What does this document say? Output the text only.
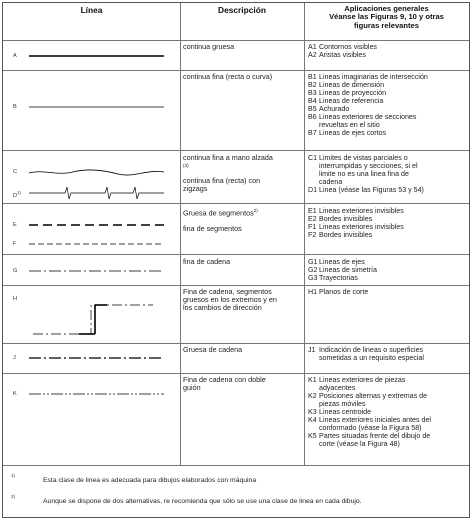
Línea	Descripción	Aplicaciones generales
Véanse las Figuras 9, 10 y otras
figuras relevantes
A
B
C
$D^{1)}$
E
F
G
H
J
K
continua gruesa
continua fina (recta o curva)
continua fina a mano alzada
(3)
continua fina (recta) con
zigzags
Gruesa de segmentos$^{2)}$
fina de segmentos
fina de cadena
Fina de cadena, segmentos
gruesos en los extremos y en
los cambios de dirección
Gruesa de cadena
Fina de cadena con doble
guión
A1 Contornos visibles
A2 Aristas visibles
B1 Lineas imaginarias de intersección
B2 Lineas de dimensión
B3 Lineas de proyección
B4 Lineas de referencia
B5 Achurado
B6 Lineas exteriores de secciones
revueltas en el sitio
B7 Lineas de ejes cortos
C1 Limites de vistas parciales o
interrumpidas y secciones, si el
limite no es una linea fina de
cadena
D1 Linea (véase las Figuras 53 y 54)
E1 Lineas exteriores invisibles
E2 Bordes invisibles
F1 Lineas exteriores invisibles
F2 Bordes invisibles
G1 Lineas de ejes
G2 Lineas de simetría
G3 Trayectorias
H1 Planos de corte
J1 Indicación de lineas o superficies
sometidas a un requisito especial
K1 Lineas exteriores de piezas
adyacentes
K2 Posiciones alternas y extremas de
piezas móviles
K3 Lineas centroide
K4 Lineas exteriores iniciales antes del
conformado (véase la Figura 58)
K5 Partes situadas frente del dibujo de
corte (véase la Figura 48)
1)
Esta clase de linea es adecuada para dibujos elaborados con máquina
2)
Aunque se dispone de dos alternativas, re recomienda que sólo se use una clase de linea en cada dibujo.
